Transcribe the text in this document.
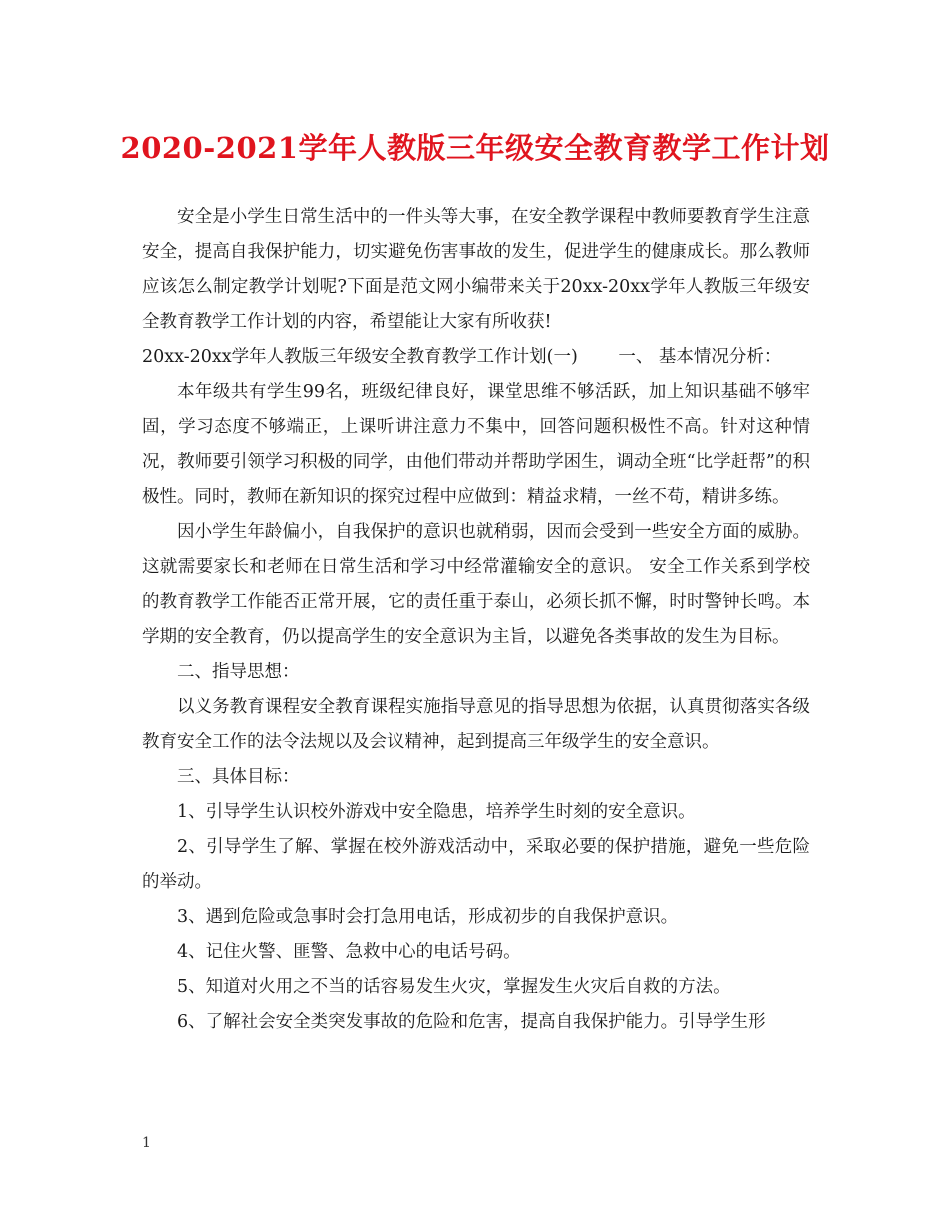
2020-2021学年人教版三年级安全教育教学工作计划

安全是小学生日常生活中的一件头等大事，在安全教学课程中教师要教育学生注意安全，提高自我保护能力，切实避免伤害事故的发生，促进学生的健康成长。那么教师应该怎么制定教学计划呢?下面是范文网小编带来关于20xx-20xx学年人教版三年级安全教育教学工作计划的内容，希望能让大家有所收获!

20xx-20xx学年人教版三年级安全教育教学工作计划(一)　　 一、 基本情况分析：

本年级共有学生99名，班级纪律良好，课堂思维不够活跃，加上知识基础不够牢固，学习态度不够端正，上课听讲注意力不集中，回答问题积极性不高。针对这种情况，教师要引领学习积极的同学，由他们带动并帮助学困生，调动全班“比学赶帮”的积极性。同时，教师在新知识的探究过程中应做到：精益求精，一丝不苟，精讲多练。

因小学生年龄偏小，自我保护的意识也就稍弱，因而会受到一些安全方面的威胁。这就需要家长和老师在日常生活和学习中经常灌输安全的意识。 安全工作关系到学校的教育教学工作能否正常开展，它的责任重于泰山，必须长抓不懈，时时警钟长鸣。本学期的安全教育，仍以提高学生的安全意识为主旨，以避免各类事故的发生为目标。

二、指导思想：

以义务教育课程安全教育课程实施指导意见的指导思想为依据，认真贯彻落实各级教育安全工作的法令法规以及会议精神，起到提高三年级学生的安全意识。

三、具体目标：

1、引导学生认识校外游戏中安全隐患，培养学生时刻的安全意识。

2、引导学生了解、掌握在校外游戏活动中，采取必要的保护措施，避免一些危险的举动。

3、遇到危险或急事时会打急用电话，形成初步的自我保护意识。

4、记住火警、匪警、急救中心的电话号码。

5、知道对火用之不当的话容易发生火灾，掌握发生火灾后自救的方法。

6、了解社会安全类突发事故的危险和危害，提高自我保护能力。引导学生形

1
